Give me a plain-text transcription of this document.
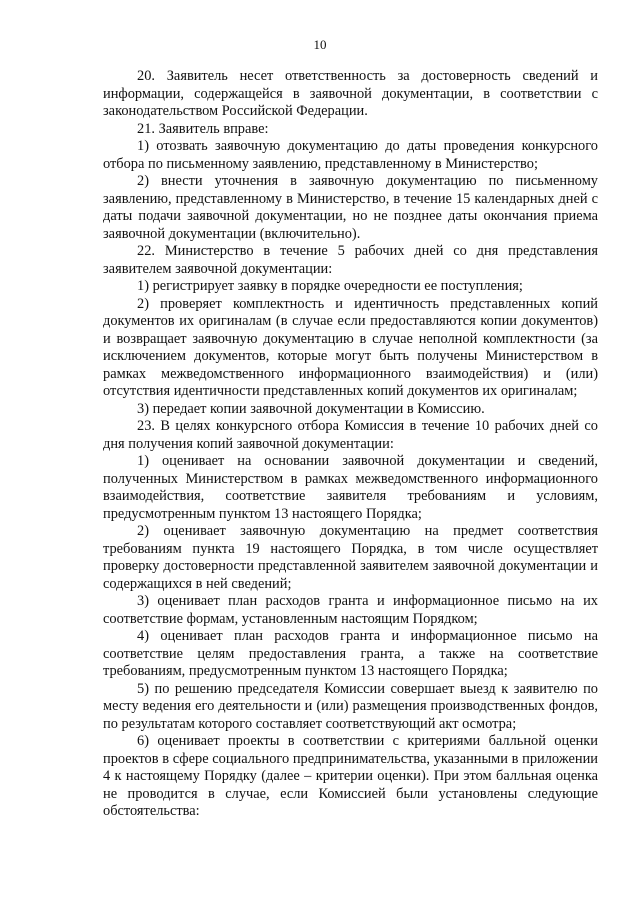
10

20. Заявитель несет ответственность за достоверность сведений и информации, содержащейся в заявочной документации, в соответствии с законодательством Российской Федерации.

21. Заявитель вправе:

1) отозвать заявочную документацию до даты проведения конкурсного отбора по письменному заявлению, представленному в Министерство;

2) внести уточнения в заявочную документацию по письменному заявлению, представленному в Министерство, в течение 15 календарных дней с даты подачи заявочной документации, но не позднее даты окончания приема заявочной документации (включительно).

22. Министерство в течение 5 рабочих дней со дня представления заявителем заявочной документации:

1) регистрирует заявку в порядке очередности ее поступления;

2) проверяет комплектность и идентичность представленных копий документов их оригиналам (в случае если предоставляются копии документов) и возвращает заявочную документацию в случае неполной комплектности (за исключением документов, которые могут быть получены Министерством в рамках межведомственного информационного взаимодействия) и (или) отсутствия идентичности представленных копий документов их оригиналам;

3) передает копии заявочной документации в Комиссию.

23. В целях конкурсного отбора Комиссия в течение 10 рабочих дней со дня получения копий заявочной документации:

1) оценивает на основании заявочной документации и сведений, полученных Министерством в рамках межведомственного информационного взаимодействия, соответствие заявителя требованиям и условиям, предусмотренным пунктом 13 настоящего Порядка;

2) оценивает заявочную документацию на предмет соответствия требованиям пункта 19 настоящего Порядка, в том числе осуществляет проверку достоверности представленной заявителем заявочной документации и содержащихся в ней сведений;

3) оценивает план расходов гранта и информационное письмо на их соответствие формам, установленным настоящим Порядком;

4) оценивает план расходов гранта и информационное письмо на соответствие целям предоставления гранта, а также на соответствие требованиям, предусмотренным пунктом 13 настоящего Порядка;

5) по решению председателя Комиссии совершает выезд к заявителю по месту ведения его деятельности и (или) размещения производственных фондов, по результатам которого составляет соответствующий акт осмотра;

6) оценивает проекты в соответствии с критериями балльной оценки проектов в сфере социального предпринимательства, указанными в приложении 4 к настоящему Порядку (далее – критерии оценки). При этом балльная оценка не проводится в случае, если Комиссией были установлены следующие обстоятельства:
